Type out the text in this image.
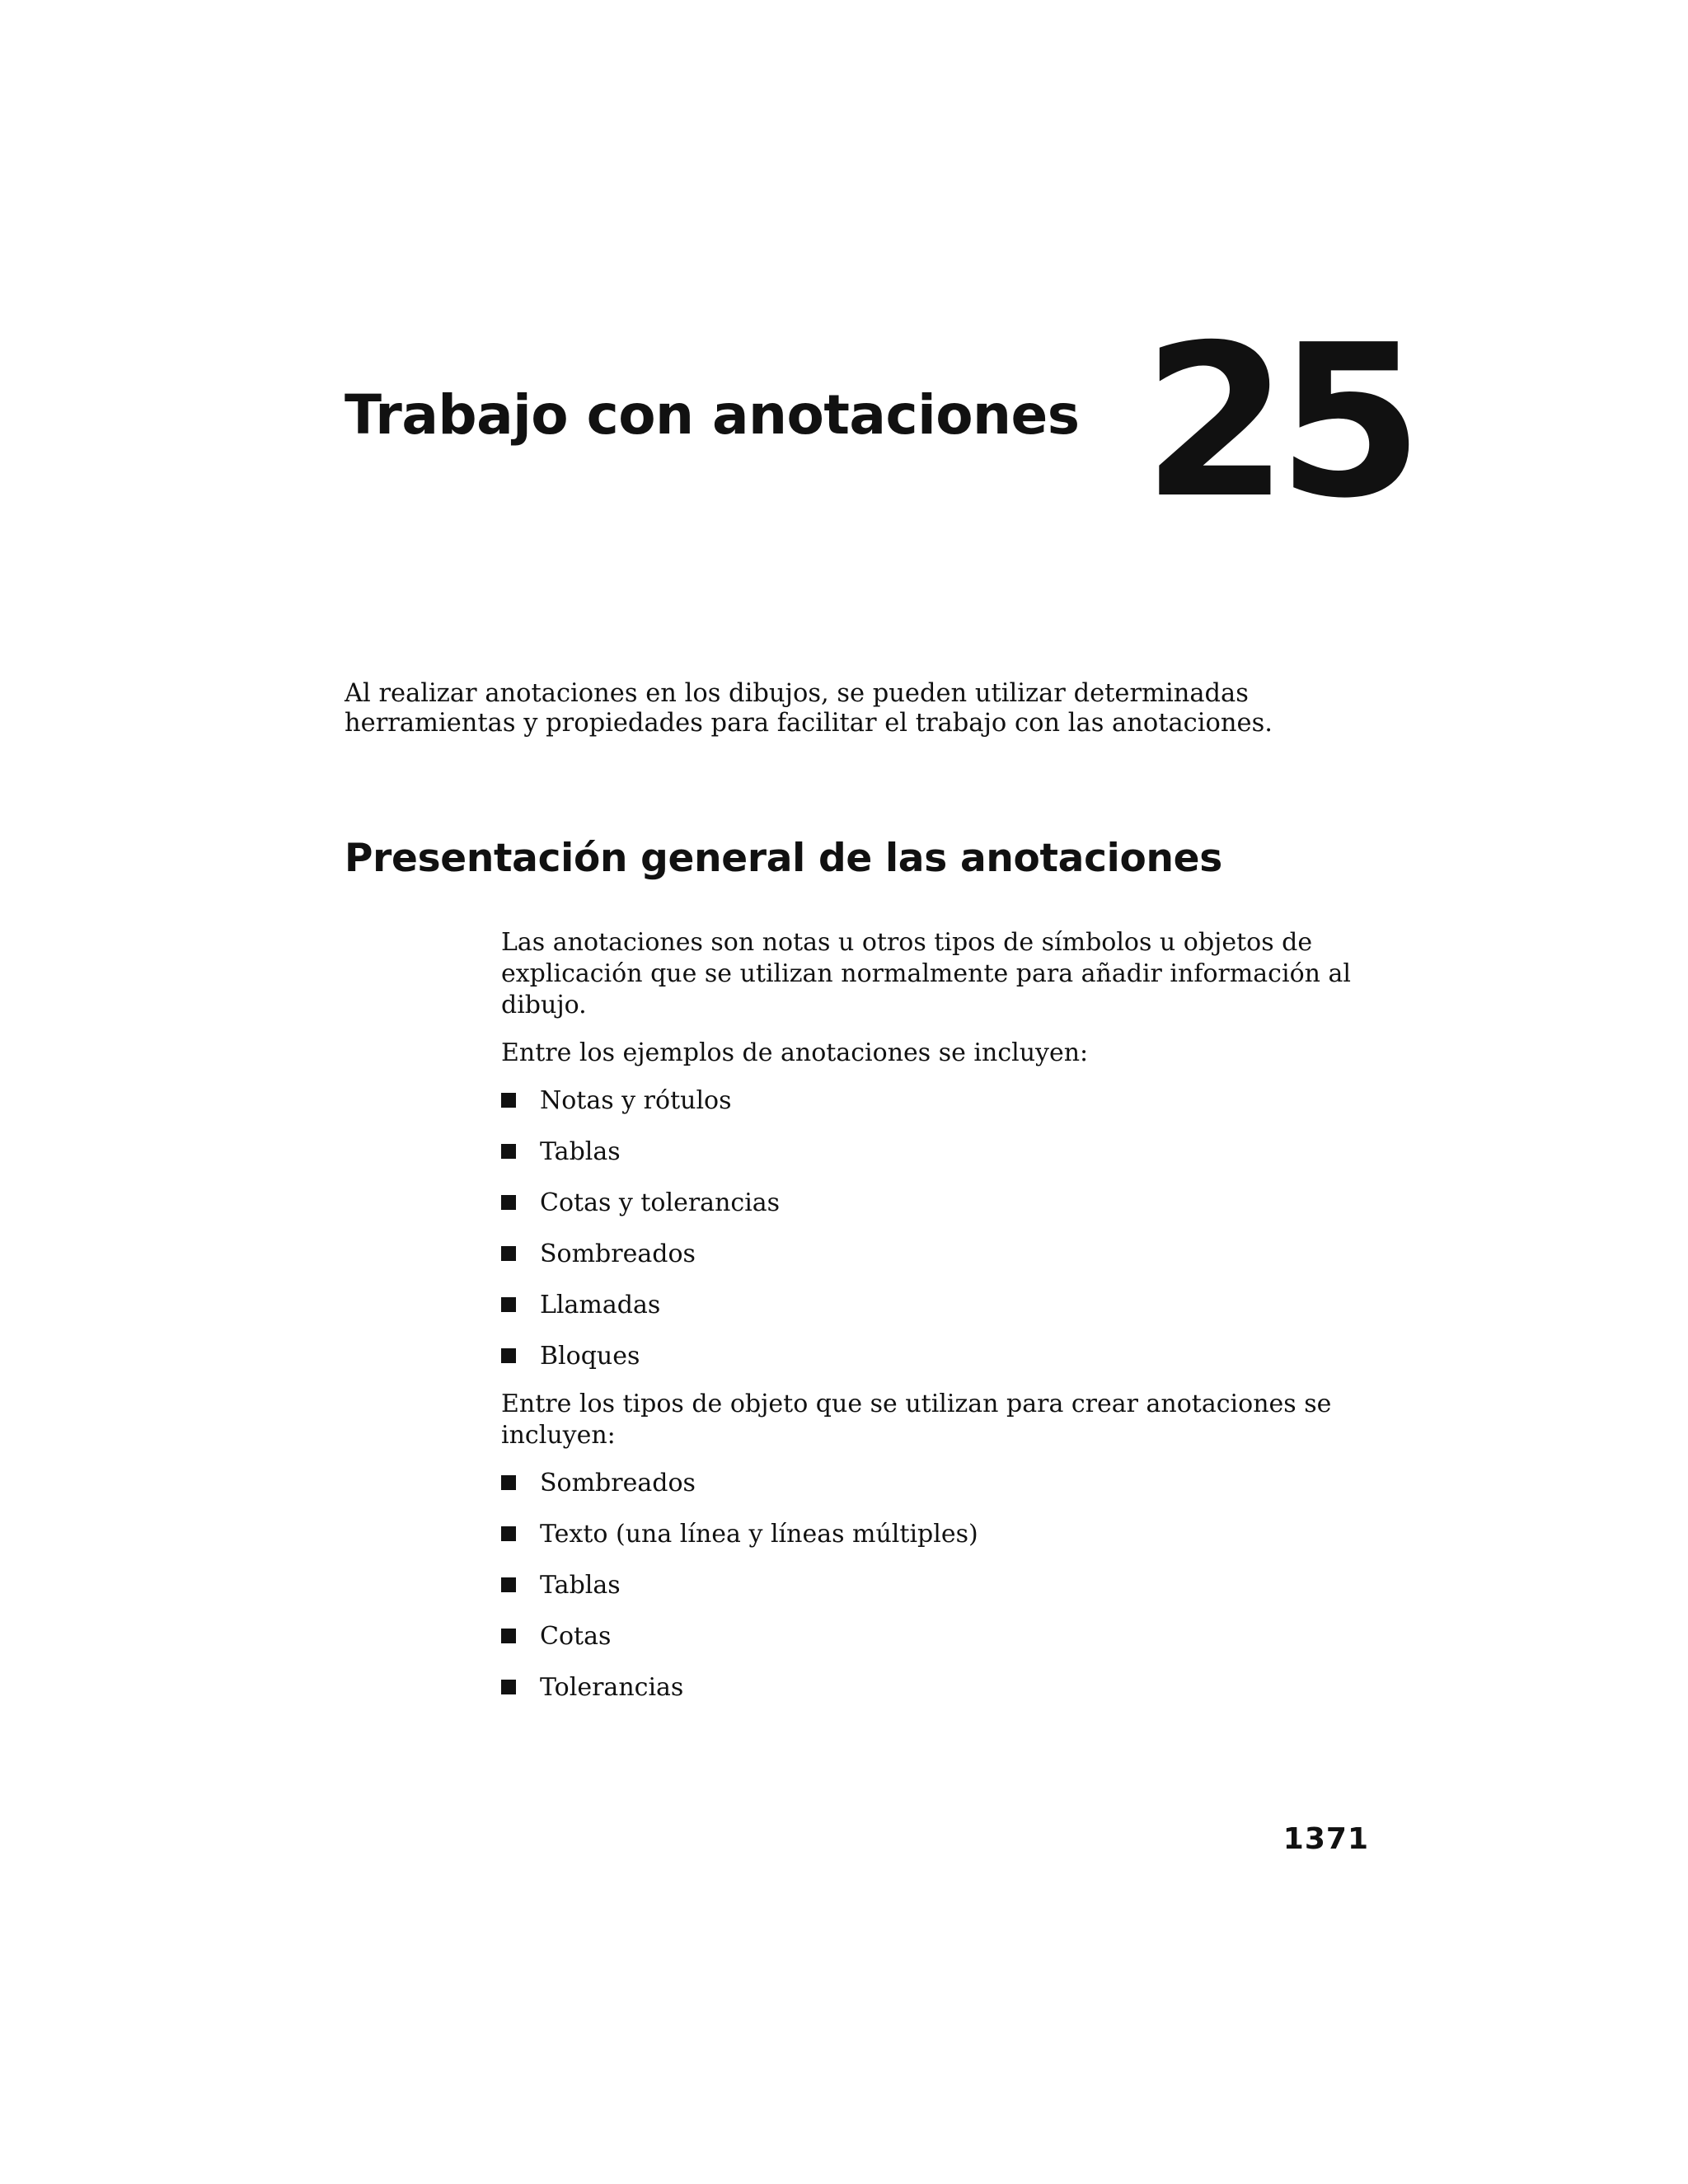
Trabajo con anotaciones 25

Al realizar anotaciones en los dibujos, se pueden utilizar determinadas herramientas y propiedades para facilitar el trabajo con las anotaciones.

Presentación general de las anotaciones

Las anotaciones son notas u otros tipos de símbolos u objetos de explicación que se utilizan normalmente para añadir información al dibujo.

Entre los ejemplos de anotaciones se incluyen:

Notas y rótulos
Tablas
Cotas y tolerancias
Sombreados
Llamadas
Bloques

Entre los tipos de objeto que se utilizan para crear anotaciones se incluyen:

Sombreados
Texto (una línea y líneas múltiples)
Tablas
Cotas
Tolerancias
1371
